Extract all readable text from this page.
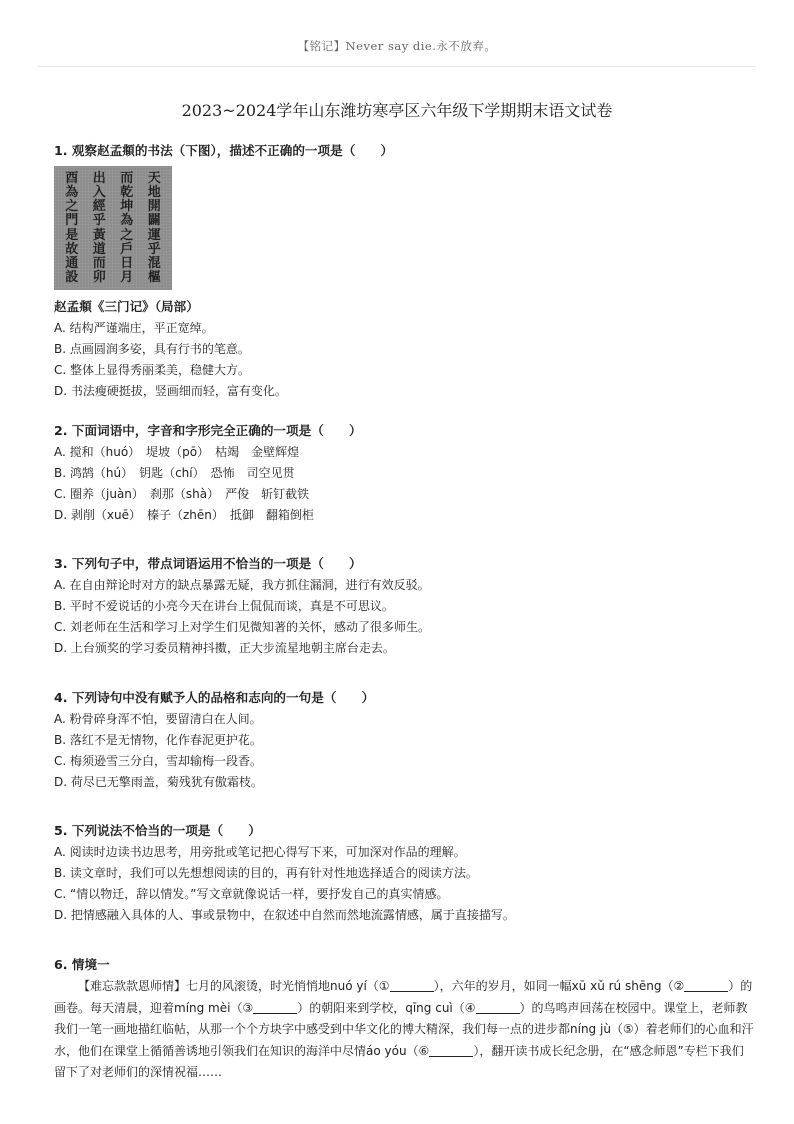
【铭记】Never say die.永不放弃。
2023~2024学年山东潍坊寒亭区六年级下学期期末语文试卷
1. 观察赵孟頫的书法（下图），描述不正确的一项是（　　）
天
地
開
闢
運
乎
混
樞
而
乾
坤
為
之
戶
日
月
出
入
經
乎
黃
道
而
卯
酉
為
之
門
是
故
通
設
赵孟頫《三门记》（局部）
A. 结构严谨端庄，平正宽绰。
B. 点画圆润多姿，具有行书的笔意。
C. 整体上显得秀丽柔美，稳健大方。
D. 书法瘦硬挺拔，竖画细而轻，富有变化。
2. 下面词语中，字音和字形完全正确的一项是（　　）
A. 搅和（huó）　堤坡（pō）　枯竭　金壁辉煌
B. 鸿鹄（hú）　钥匙（chí）　恐怖　司空见贯
C. 圈养（juàn）　刹那（shà）　严俊　斩钉截铁
D. 剥削（xuē）　榛子（zhēn）　抵御　翻箱倒柜
3. 下列句子中，带点词语运用不恰当的一项是（　　）
A. 在自由辩论时对方的缺点暴露无疑，我方抓住漏洞，进行有效反驳。
B. 平时不爱说话的小亮今天在讲台上侃侃而谈，真是不可思议。
C. 刘老师在生活和学习上对学生们见微知著的关怀，感动了很多师生。
D. 上台颁奖的学习委员精神抖擞，正大步流星地朝主席台走去。
4. 下列诗句中没有赋予人的品格和志向的一句是（　　）
A. 粉骨碎身浑不怕，要留清白在人间。
B. 落红不是无情物，化作春泥更护花。
C. 梅须逊雪三分白，雪却输梅一段香。
D. 荷尽已无擎雨盖，菊残犹有傲霜枝。
5. 下列说法不恰当的一项是（　　）
A. 阅读时边读书边思考，用旁批或笔记把心得写下来，可加深对作品的理解。
B. 读文章时，我们可以先想想阅读的目的，再有针对性地选择适合的阅读方法。
C. “情以物迁，辞以情发。”写文章就像说话一样，要抒发自己的真实情感。
D. 把情感融入具体的人、事或景物中，在叙述中自然而然地流露情感，属于直接描写。
6. 情境一

【难忘款款恩师情】七月的风滚烫，时光悄悄地nuó yí（①	），六年的岁月，如同一幅xū xǔ rú shēng（②	）的画卷。每天清晨，迎着míng mèi（③	）的朝阳来到学校，qīng cuì（④	）的鸟鸣声回荡在校园中。课堂上，老师教我们一笔一画地描红临帖，从那一个个方块字中感受到中华文化的博大精深，我们每一点的进步都níng jù（⑤）着老师们的心血和汗水，他们在课堂上循循善诱地引领我们在知识的海洋中尽情áo yóu（⑥	），翻开读书成长纪念册，在“感念师恩”专栏下我们留下了对老师们的深情祝福……
